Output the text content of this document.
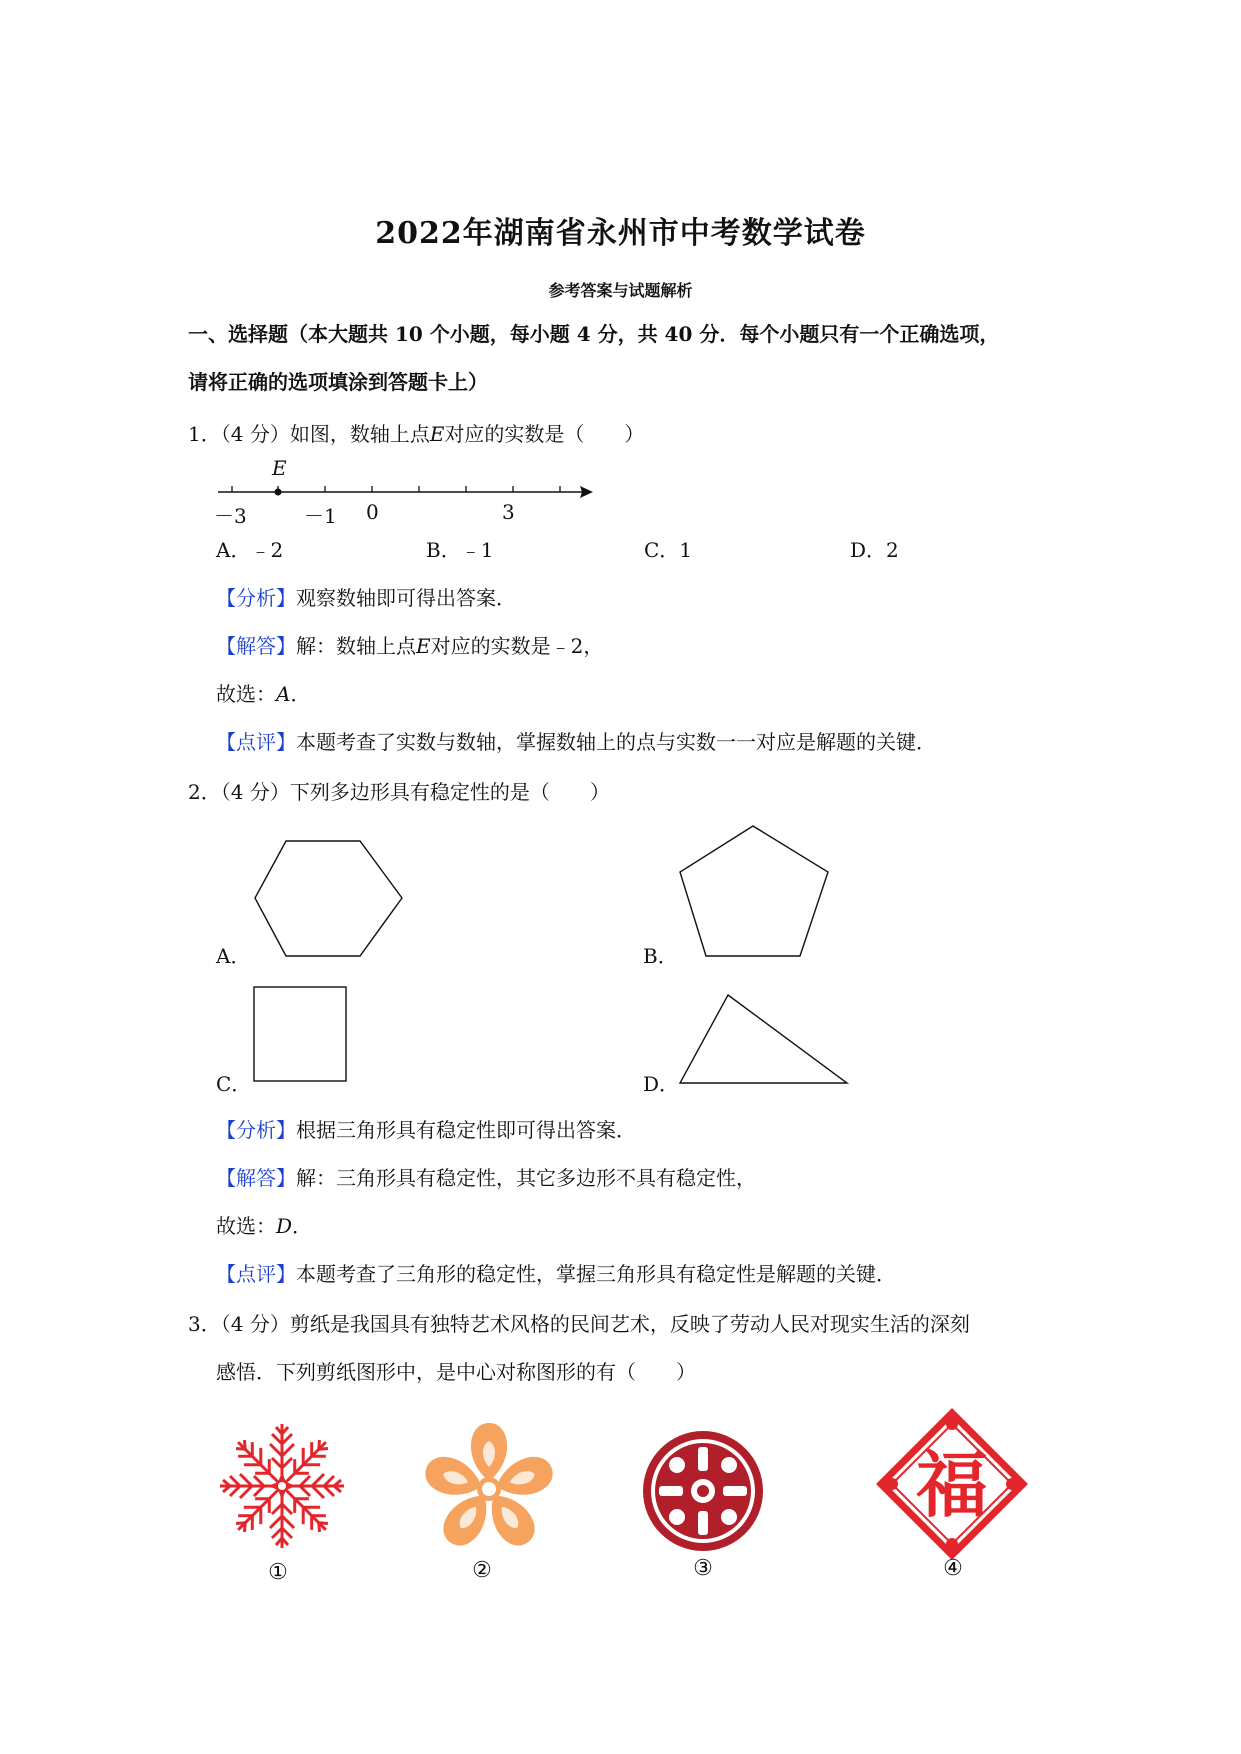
2022年湖南省永州市中考数学试卷
参考答案与试题解析
一、选择题（本大题共 10 个小题，每小题 4 分，共 40 分．每个小题只有一个正确选项，
请将正确的选项填涂到答题卡上）
1．（4 分）如图，数轴上点E对应的实数是（　　）
E
－3	－1 0	3
A．﹣2	B．﹣1	C．1	D．2
【分析】观察数轴即可得出答案．
【解答】解：数轴上点E对应的实数是﹣2，
故选：A．
【点评】本题考查了实数与数轴，掌握数轴上的点与实数一一对应是解题的关键．
2．（4 分）下列多边形具有稳定性的是（　　）
A．	B．
C．	D．
【分析】根据三角形具有稳定性即可得出答案．
【解答】解：三角形具有稳定性，其它多边形不具有稳定性，
故选：D．
【点评】本题考查了三角形的稳定性，掌握三角形具有稳定性是解题的关键．
3．（4 分）剪纸是我国具有独特艺术风格的民间艺术，反映了劳动人民对现实生活的深刻
感悟．下列剪纸图形中，是中心对称图形的有（　　）
福
①	②	③	④
